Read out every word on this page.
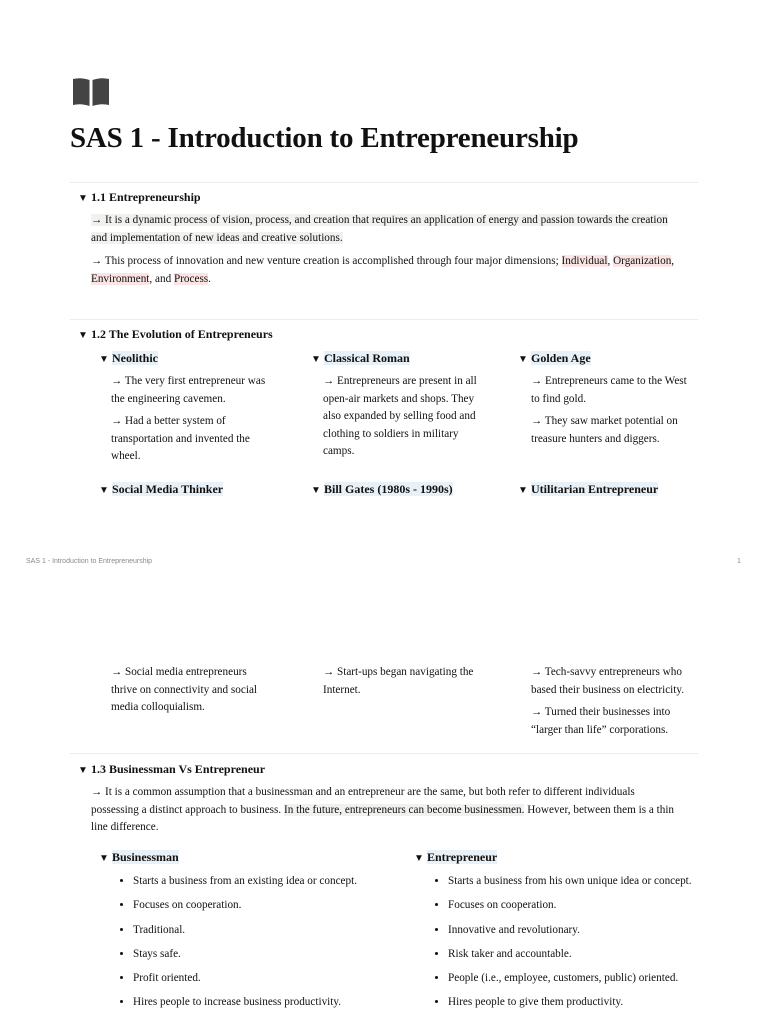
SAS 1 - Introduction to Entrepreneurship
▼ 1.1 Entrepreneurship
→ It is a dynamic process of vision, process, and creation that requires an application of energy and passion towards the creation
and implementation of new ideas and creative solutions.
→ This process of innovation and new venture creation is accomplished through four major dimensions; Individual, Organization,
Environment, and Process.
▼ 1.2 The Evolution of Entrepreneurs
▼ Neolithic	▼ Classical Roman	▼ Golden Age
→ The very first entrepreneur was
the engineering cavemen.
→ Had a better system of
transportation and invented the
wheel.
→ Entrepreneurs are present in all
open-air markets and shops. They
also expanded by selling food and
clothing to soldiers in military
camps.
→ Entrepreneurs came to the West
to find gold.
→ They saw market potential on
treasure hunters and diggers.
▼ Social Media Thinker	▼ Bill Gates (1980s - 1990s)	▼ Utilitarian Entrepreneur
SAS 1 - Introduction to Entrepreneurship	1
→ Social media entrepreneurs
thrive on connectivity and social
media colloquialism.
→ Start-ups began navigating the
Internet.
→ Tech-savvy entrepreneurs who
based their business on electricity.
→ Turned their businesses into
“larger than life” corporations.
▼ 1.3 Businessman Vs Entrepreneur
→ It is a common assumption that a businessman and an entrepreneur are the same, but both refer to different individuals
possessing a distinct approach to business. In the future, entrepreneurs can become businessmen. However, between them is a thin
line difference.
▼ Businessman	▼ Entrepreneur
• Starts a business from an existing idea or concept.
• Focuses on cooperation.
• Traditional.
• Stays safe.
• Profit oriented.
• Hires people to increase business productivity.
• Starts a business from his own unique idea or concept.
• Focuses on cooperation.
• Innovative and revolutionary.
• Risk taker and accountable.
• People (i.e., employee, customers, public) oriented.
• Hires people to give them productivity.
